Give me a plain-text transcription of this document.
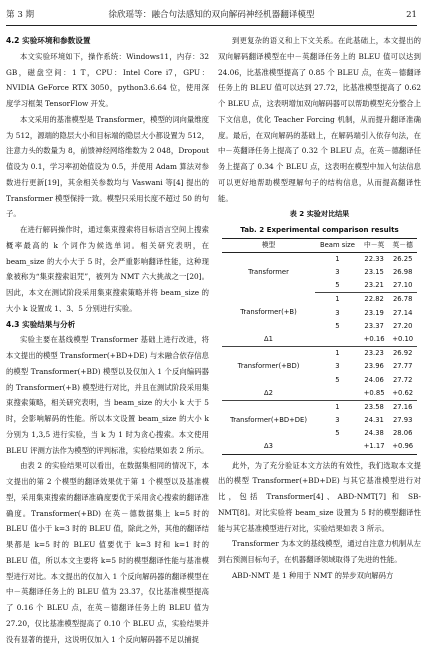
第 3 期	徐欣瑶等：融合句法感知的双向解码神经机器翻译模型	21

4.2 实验环境和参数设置

本文实验环境如下，操作系统：Windows11，内存：32 GB，磁盘空间：1 T，CPU：Intel Core i7，GPU：NVIDIA GeForce RTX 3050，python3.6.64 位，使用深度学习框架 TensorFlow 开发。

本文采用的基准模型是 Transformer，模型的词向量维度为 512，源端的隐层大小和目标端的隐层大小都设置为 512，注意力头的数量为 8，前馈神经网络维数为 2 048，Dropout 值设为 0.1，学习率初始值设为 0.5，并使用 Adam 算法对参数进行更新[19]，其余相关参数均与 Vaswani 等[4] 提出的 Transformer 模型保持一致。模型只采用长度不超过 50 的句子。

在进行解码操作时，通过集束搜索将目标语言空间上搜索概率最高的 k 个词作为候选单词。相关研究表明，在 beam_size 的大小大于 5 时，会严重影响翻译性能，这种现象被称为“集束搜索诅咒”，被列为 NMT 六大挑战之一[20]。因此，本文在测试阶段采用集束搜索策略并将 beam_size 的大小 k 设置成 1、3、5 分别进行实验。

4.3 实验结果与分析

实验主要在基线模型 Transformer 基础上进行改进，将本文提出的模型 Transformer(+BD+DE) 与未融合依存信息的模型 Transformer(+BD) 模型以及仅加入 1 个反向编码器的 Transformer(+B) 模型进行对比，并且在测试阶段采用集束搜索策略，相关研究表明，当 beam_size 的大小 k 大于 5 时，会影响解码的性能。所以本文设置 beam_size 的大小 k 分别为 1,3,5 进行实验，当 k 为 1 时为贪心搜索。本文使用 BLEU 评测方法作为模型的评判标准，实验结果如表 2 所示。

由表 2 的实验结果可以看出，在数据集相同的情况下，本文提出的第 2 个模型的翻译效果优于第 1 个模型以及基准模型，采用集束搜索的翻译准确度要优于采用贪心搜索的翻译准确度。Transformer(+BD) 在英－德数据集上 k=5 时的 BLEU 值小于 k=3 时的 BLEU 值，除此之外，其他的翻译结果都是 k=5 时的 BLEU 值要优于 k=3 时和 k=1 时的 BLEU 值，所以本文主要将 k=5 时的模型翻译性能与基准模型进行对比。本文提出的仅加入 1 个反向解码器的翻译模型在中－英翻译任务上的 BLEU 值为 23.37，仅比基准模型提高了 0.16 个 BLEU 点，在英－德翻译任务上的 BLEU 值为 27.20，仅比基准模型提高了 0.10 个 BLEU 点，实验结果并没有显著的提升，这说明仅加入 1 个反向解码器不足以捕捉

到更复杂的语义和上下文关系。在此基础上，本文提出的双向解码翻译模型在中－英翻译任务上的 BLEU 值可以达到 24.06，比基准模型提高了 0.85 个 BLEU 点，在英－德翻译任务上的 BLEU 值可以达到 27.72，比基准模型提高了 0.62 个 BLEU 点，这表明增加双向解码器可以帮助模型充分整合上下文信息，优化 Teacher Forcing 机制，从而提升翻译准确度。最后，在双向解码的基础上，在解码端引入依存句法，在中－英翻译任务上提高了 0.32 个 BLEU 点，在英－德翻译任务上提高了 0.34 个 BLEU 点，这表明在模型中加入句法信息可以更好地帮助模型理解句子的结构信息，从而提高翻译性能。

表 2 实验对比结果

Tab. 2 Experimental comparison results

模型	Beam size	中－英	英－德
Transformer	1	22.33	26.25
	3	23.15	26.98
	5	23.21	27.10
Transformer(+B)	1	22.82	26.78
	3	23.19	27.14
	5	23.37	27.20
Δ1		+0.16	+0.10
Transformer(+BD)	1	23.23	26.92
	3	23.96	27.77
	5	24.06	27.72
Δ2		+0.85	+0.62
Transformer(+BD+DE)	1	23.58	27.16
	3	24.31	27.93
	5	24.38	28.06
Δ3		+1.17	+0.96

此外，为了充分验证本文方法的有效性，我们选取本文提出的模型 Transformer(+BD+DE) 与其它基准模型进行对比，包括 Transformer[4]、ABD-NMT[7] 和 SB-NMT[8]。对比实验将 beam_size 设置为 5 时的模型翻译性能与其它基准模型进行对比，实验结果如表 3 所示。

Transformer 为本文的基线模型，通过自注意力机制从左到右预测目标句子，在机器翻译领域取得了先进的性能。

ABD-NMT 是 1 种用于 NMT 的异步双向解码方
